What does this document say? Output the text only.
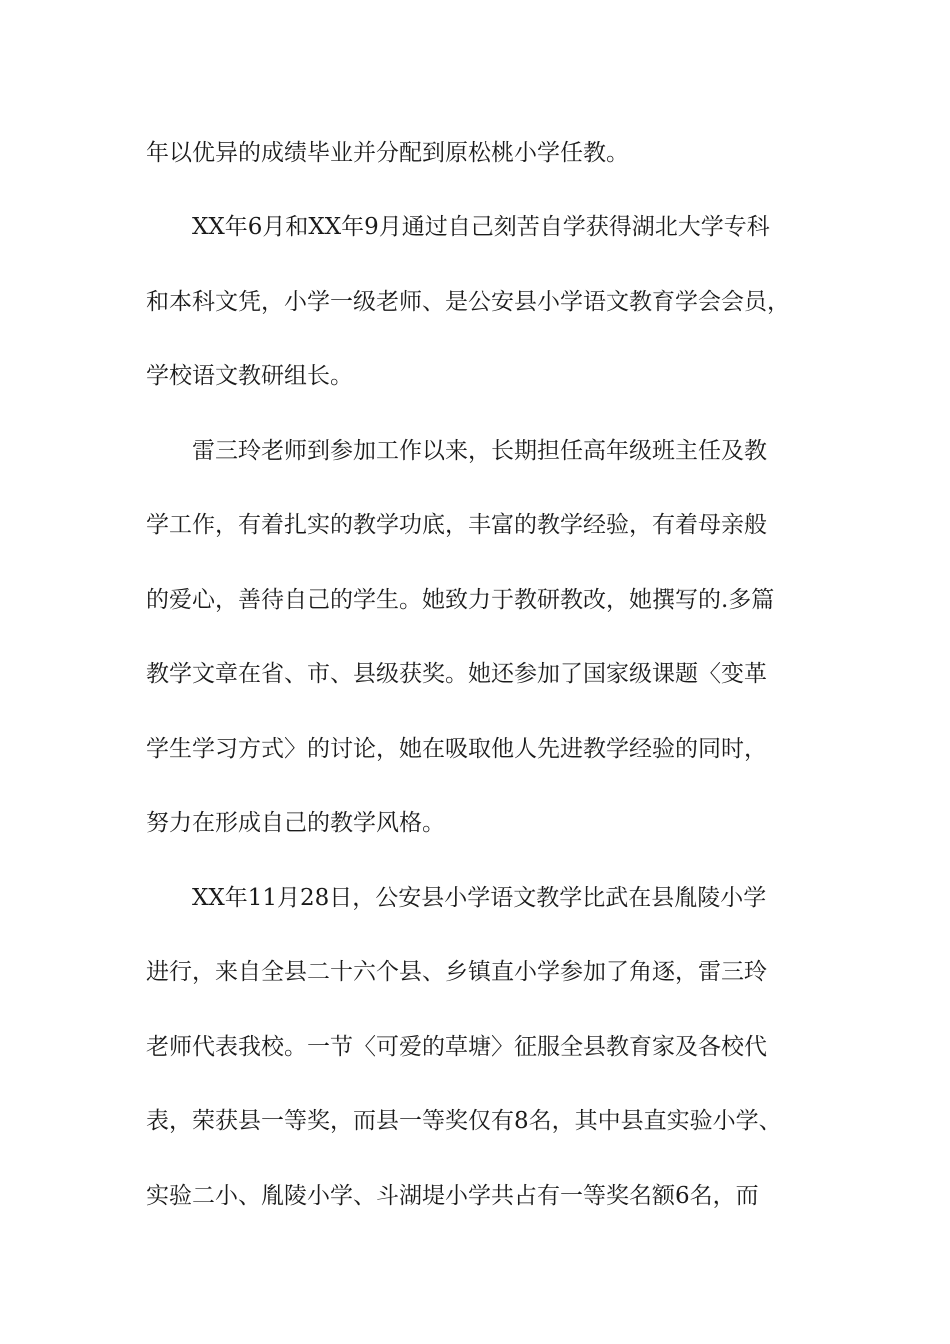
年以优异的成绩毕业并分配到原松桃小学任教。

XX年6月和XX年9月通过自己刻苦自学获得湖北大学专科

和本科文凭，小学一级老师、是公安县小学语文教育学会会员，

学校语文教研组长。

雷三玲老师到参加工作以来，长期担任高年级班主任及教

学工作，有着扎实的教学功底，丰富的教学经验，有着母亲般

的爱心，善待自己的学生。她致力于教研教改，她撰写的.多篇

教学文章在省、市、县级获奖。她还参加了国家级课题〈变革

学生学习方式〉的讨论，她在吸取他人先进教学经验的同时，

努力在形成自己的教学风格。

XX年11月28日，公安县小学语文教学比武在县胤陵小学

进行，来自全县二十六个县、乡镇直小学参加了角逐，雷三玲

老师代表我校。一节〈可爱的草塘〉征服全县教育家及各校代

表，荣获县一等奖，而县一等奖仅有8名，其中县直实验小学、

实验二小、胤陵小学、斗湖堤小学共占有一等奖名额6名，而
